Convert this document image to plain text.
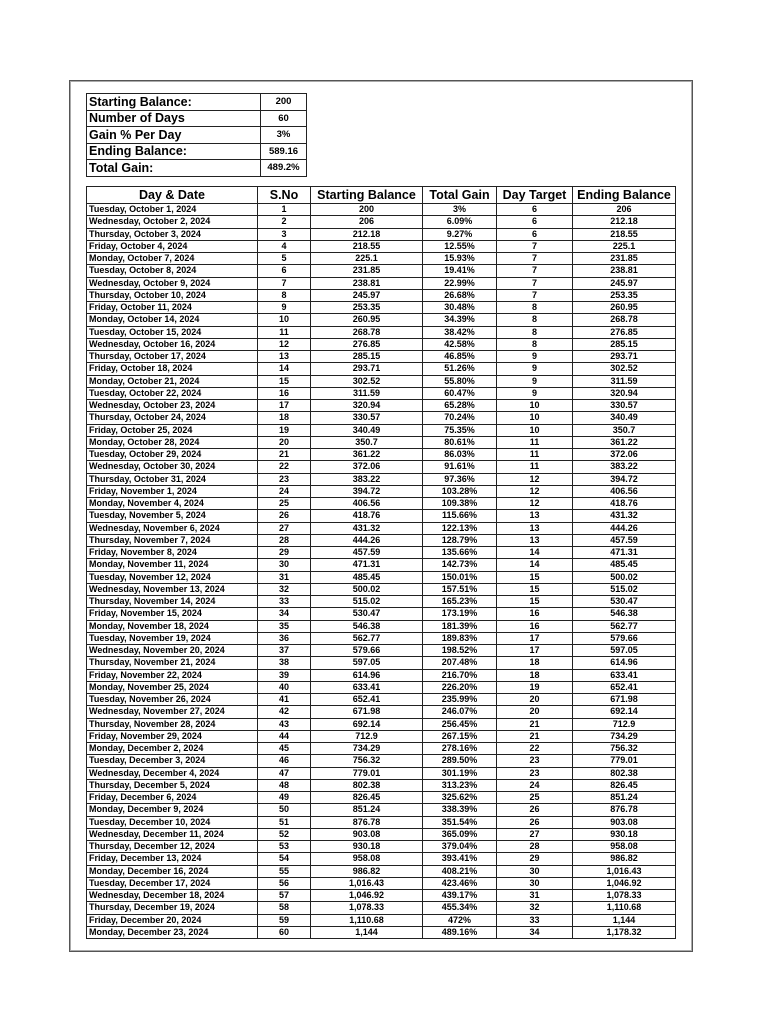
Starting Balance:	200
Number of Days	60
Gain % Per Day	3%
Ending Balance:	589.16
Total Gain:	489.2%
Day & Date	S.No	Starting Balance	Total Gain	Day Target	Ending Balance
Tuesday, October 1, 2024	1	200	3%	6	206
Wednesday, October 2, 2024	2	206	6.09%	6	212.18
Thursday, October 3, 2024	3	212.18	9.27%	6	218.55
Friday, October 4, 2024	4	218.55	12.55%	7	225.1
Monday, October 7, 2024	5	225.1	15.93%	7	231.85
Tuesday, October 8, 2024	6	231.85	19.41%	7	238.81
Wednesday, October 9, 2024	7	238.81	22.99%	7	245.97
Thursday, October 10, 2024	8	245.97	26.68%	7	253.35
Friday, October 11, 2024	9	253.35	30.48%	8	260.95
Monday, October 14, 2024	10	260.95	34.39%	8	268.78
Tuesday, October 15, 2024	11	268.78	38.42%	8	276.85
Wednesday, October 16, 2024	12	276.85	42.58%	8	285.15
Thursday, October 17, 2024	13	285.15	46.85%	9	293.71
Friday, October 18, 2024	14	293.71	51.26%	9	302.52
Monday, October 21, 2024	15	302.52	55.80%	9	311.59
Tuesday, October 22, 2024	16	311.59	60.47%	9	320.94
Wednesday, October 23, 2024	17	320.94	65.28%	10	330.57
Thursday, October 24, 2024	18	330.57	70.24%	10	340.49
Friday, October 25, 2024	19	340.49	75.35%	10	350.7
Monday, October 28, 2024	20	350.7	80.61%	11	361.22
Tuesday, October 29, 2024	21	361.22	86.03%	11	372.06
Wednesday, October 30, 2024	22	372.06	91.61%	11	383.22
Thursday, October 31, 2024	23	383.22	97.36%	12	394.72
Friday, November 1, 2024	24	394.72	103.28%	12	406.56
Monday, November 4, 2024	25	406.56	109.38%	12	418.76
Tuesday, November 5, 2024	26	418.76	115.66%	13	431.32
Wednesday, November 6, 2024	27	431.32	122.13%	13	444.26
Thursday, November 7, 2024	28	444.26	128.79%	13	457.59
Friday, November 8, 2024	29	457.59	135.66%	14	471.31
Monday, November 11, 2024	30	471.31	142.73%	14	485.45
Tuesday, November 12, 2024	31	485.45	150.01%	15	500.02
Wednesday, November 13, 2024	32	500.02	157.51%	15	515.02
Thursday, November 14, 2024	33	515.02	165.23%	15	530.47
Friday, November 15, 2024	34	530.47	173.19%	16	546.38
Monday, November 18, 2024	35	546.38	181.39%	16	562.77
Tuesday, November 19, 2024	36	562.77	189.83%	17	579.66
Wednesday, November 20, 2024	37	579.66	198.52%	17	597.05
Thursday, November 21, 2024	38	597.05	207.48%	18	614.96
Friday, November 22, 2024	39	614.96	216.70%	18	633.41
Monday, November 25, 2024	40	633.41	226.20%	19	652.41
Tuesday, November 26, 2024	41	652.41	235.99%	20	671.98
Wednesday, November 27, 2024	42	671.98	246.07%	20	692.14
Thursday, November 28, 2024	43	692.14	256.45%	21	712.9
Friday, November 29, 2024	44	712.9	267.15%	21	734.29
Monday, December 2, 2024	45	734.29	278.16%	22	756.32
Tuesday, December 3, 2024	46	756.32	289.50%	23	779.01
Wednesday, December 4, 2024	47	779.01	301.19%	23	802.38
Thursday, December 5, 2024	48	802.38	313.23%	24	826.45
Friday, December 6, 2024	49	826.45	325.62%	25	851.24
Monday, December 9, 2024	50	851.24	338.39%	26	876.78
Tuesday, December 10, 2024	51	876.78	351.54%	26	903.08
Wednesday, December 11, 2024	52	903.08	365.09%	27	930.18
Thursday, December 12, 2024	53	930.18	379.04%	28	958.08
Friday, December 13, 2024	54	958.08	393.41%	29	986.82
Monday, December 16, 2024	55	986.82	408.21%	30	1,016.43
Tuesday, December 17, 2024	56	1,016.43	423.46%	30	1,046.92
Wednesday, December 18, 2024	57	1,046.92	439.17%	31	1,078.33
Thursday, December 19, 2024	58	1,078.33	455.34%	32	1,110.68
Friday, December 20, 2024	59	1,110.68	472%	33	1,144
Monday, December 23, 2024	60	1,144	489.16%	34	1,178.32
